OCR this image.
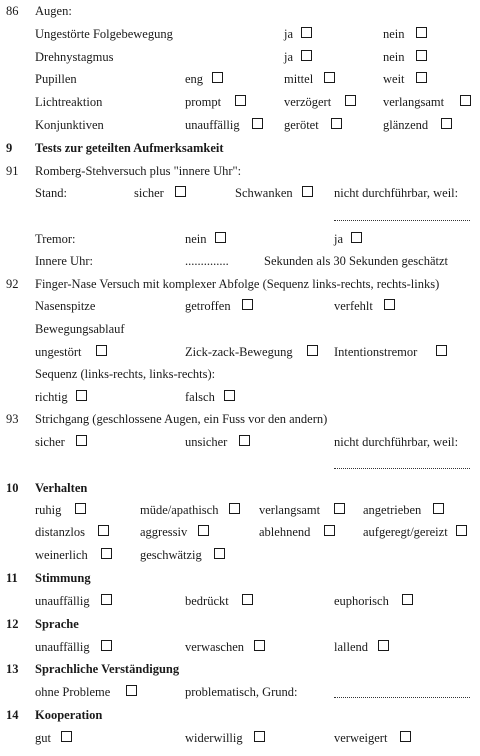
86 Augen:
Ungestörte Folgebewegung	ja	nein
Drehnystagmus	ja	nein
Pupillen	eng	mittel	weit
Lichtreaktion	prompt	verzögert	verlangsamt
Konjunktiven	unauffällig	gerötet	glänzend
9 Tests zur geteilten Aufmerksamkeit
91 Romberg-Stehversuch plus "innere Uhr":
Stand:	sicher	Schwanken	nicht durchführbar, weil:
Tremor:	nein	ja
Innere Uhr:	..............	Sekunden als 30 Sekunden geschätzt
92 Finger-Nase Versuch mit komplexer Abfolge (Sequenz links-rechts, rechts-links)
Nasenspitze	getroffen	verfehlt
Bewegungsablauf
ungestört	Zick-zack-Bewegung	Intentionstremor
Sequenz (links-rechts, links-rechts):
richtig	falsch
93 Strichgang (geschlossene Augen, ein Fuss vor den andern)
sicher	unsicher	nicht durchführbar, weil:
10 Verhalten
ruhig	müde/apathisch	verlangsamt	angetrieben
distanzlos	aggressiv	ablehnend	aufgeregt/gereizt
weinerlich	geschwätzig
11 Stimmung
unauffällig	bedrückt	euphorisch
12 Sprache
unauffällig	verwaschen	lallend
13 Sprachliche Verständigung
ohne Probleme	problematisch, Grund:
14 Kooperation
gut	widerwillig	verweigert
